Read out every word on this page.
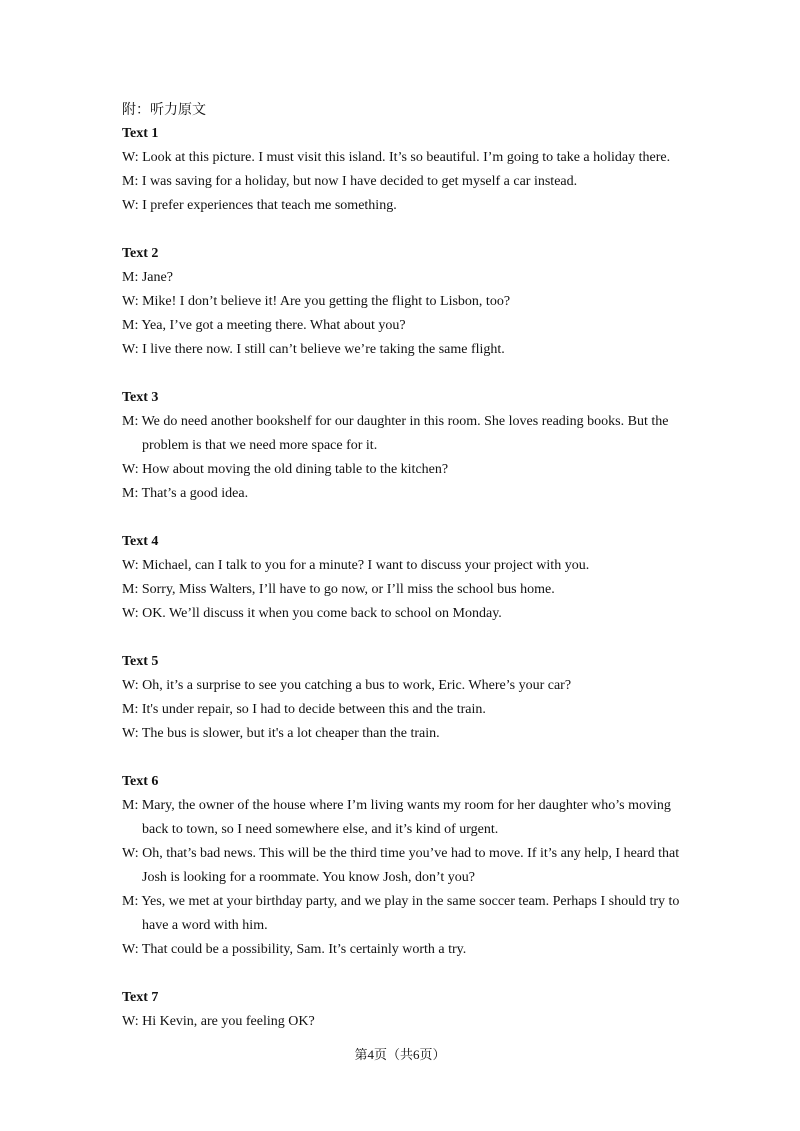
附：听力原文

Text 1

W: Look at this picture. I must visit this island. It’s so beautiful. I’m going to take a holiday there.

M: I was saving for a holiday, but now I have decided to get myself a car instead.

W: I prefer experiences that teach me something.

Text 2

M: Jane?

W: Mike! I don’t believe it! Are you getting the flight to Lisbon, too?

M: Yea, I’ve got a meeting there. What about you?

W: I live there now. I still can’t believe we’re taking the same flight.

Text 3

M: We do need another bookshelf for our daughter in this room. She loves reading books. But the problem is that we need more space for it.

W: How about moving the old dining table to the kitchen?

M: That’s a good idea.

Text 4

W: Michael, can I talk to you for a minute? I want to discuss your project with you.

M: Sorry, Miss Walters, I’ll have to go now, or I’ll miss the school bus home.

W: OK. We’ll discuss it when you come back to school on Monday.

Text 5

W: Oh, it’s a surprise to see you catching a bus to work, Eric. Where’s your car?

M: It's under repair, so I had to decide between this and the train.

W: The bus is slower, but it's a lot cheaper than the train.

Text 6

M: Mary, the owner of the house where I’m living wants my room for her daughter who’s moving back to town, so I need somewhere else, and it’s kind of urgent.

W: Oh, that’s bad news. This will be the third time you’ve had to move. If it’s any help, I heard that Josh is looking for a roommate. You know Josh, don’t you?

M: Yes, we met at your birthday party, and we play in the same soccer team. Perhaps I should try to have a word with him.

W: That could be a possibility, Sam. It’s certainly worth a try.

Text 7

W: Hi Kevin, are you feeling OK?

第4页（共6页）
